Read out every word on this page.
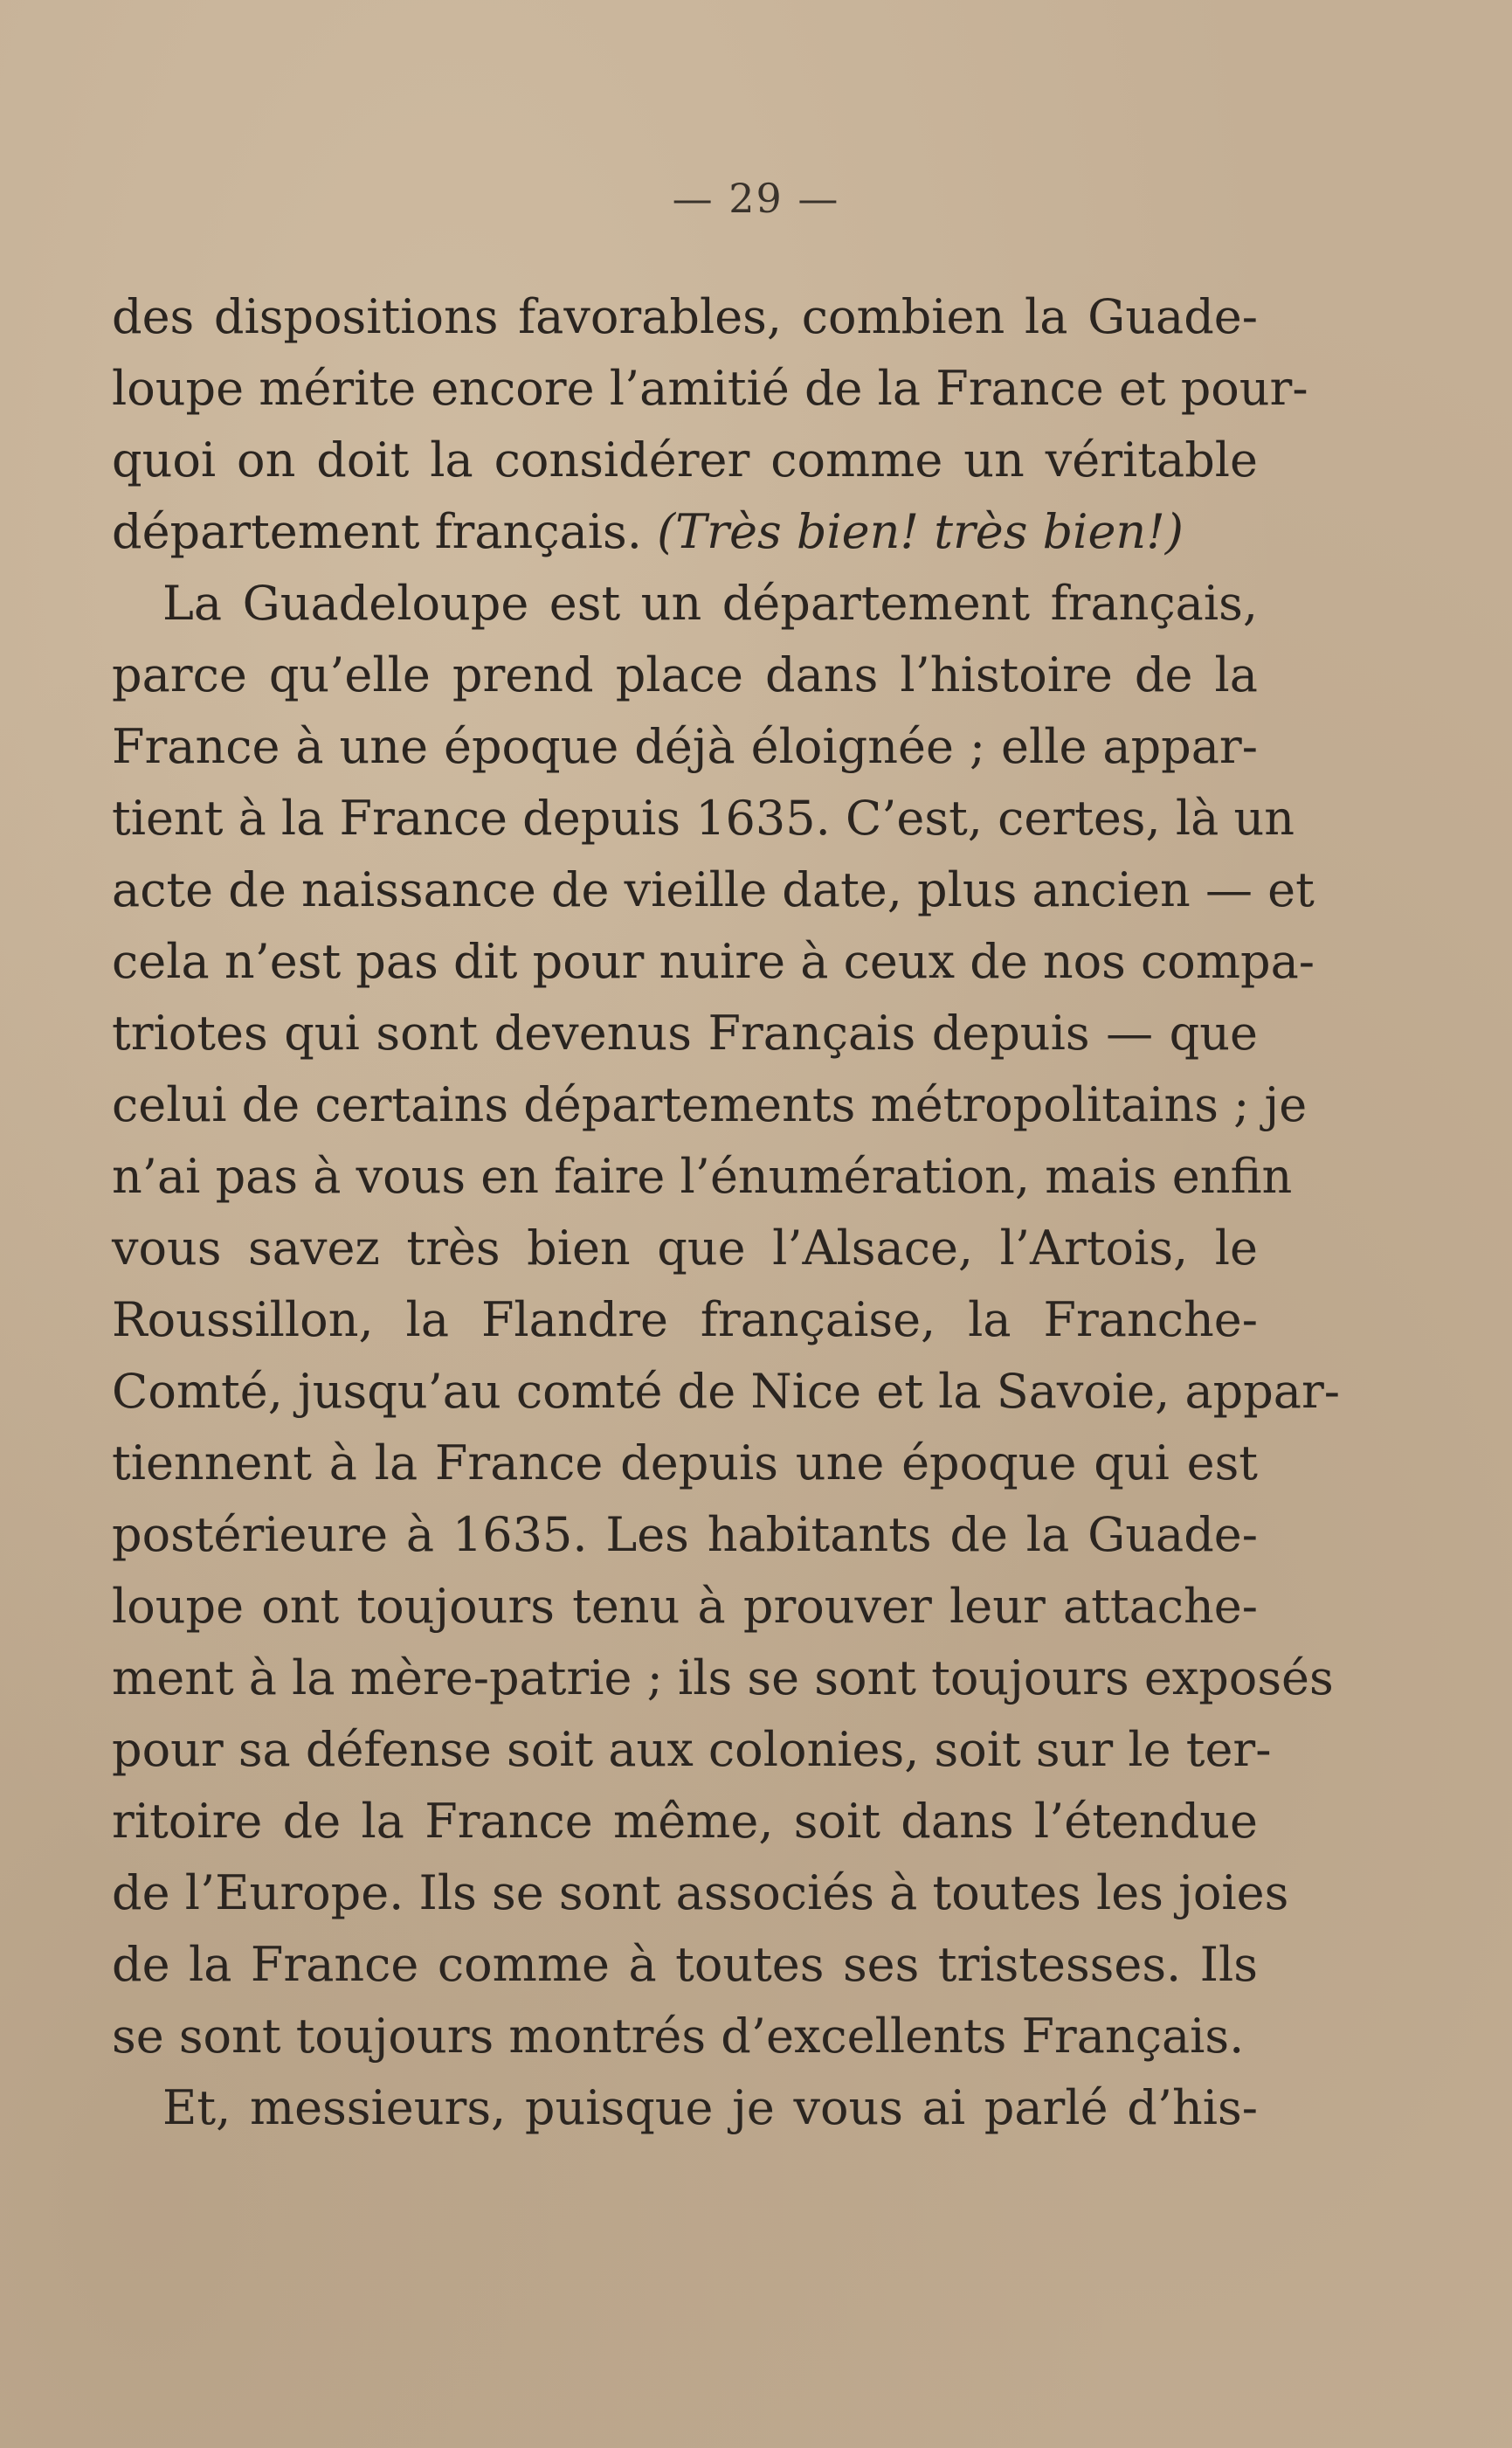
— 29 —
des dispositions favorables, combien la Guade-
loupe mérite encore l’amitié de la France et pour-
quoi on doit la considérer comme un véritable
département français. (Très bien! très bien!)
La Guadeloupe est un département français,
parce qu’elle prend place dans l’histoire de la
France à une époque déjà éloignée ; elle appar-
tient à la France depuis 1635. C’est, certes, là un
acte de naissance de vieille date, plus ancien — et
cela n’est pas dit pour nuire à ceux de nos compa-
triotes qui sont devenus Français depuis — que
celui de certains départements métropolitains ; je
n’ai pas à vous en faire l’énumération, mais enfin
vous savez très bien que l’Alsace, l’Artois, le
Roussillon, la Flandre française, la Franche-
Comté, jusqu’au comté de Nice et la Savoie, appar-
tiennent à la France depuis une époque qui est
postérieure à 1635. Les habitants de la Guade-
loupe ont toujours tenu à prouver leur attache-
ment à la mère-patrie ; ils se sont toujours exposés
pour sa défense soit aux colonies, soit sur le ter-
ritoire de la France même, soit dans l’étendue
de l’Europe. Ils se sont associés à toutes les joies
de la France comme à toutes ses tristesses. Ils
se sont toujours montrés d’excellents Français.
Et, messieurs, puisque je vous ai parlé d’his-
